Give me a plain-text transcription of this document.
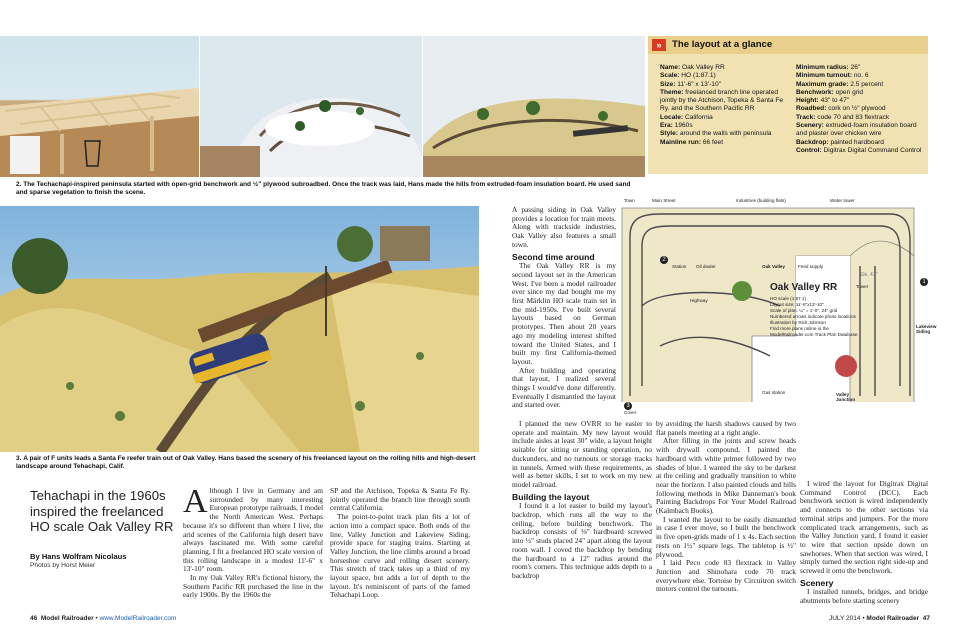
2. The Techachapi-inspired peninsula started with open-grid benchwork and ½" plywood subroadbed. Once the track was laid, Hans made the hills from extruded-foam insulation board. He used sand and sparse vegetation to finish the scene.
»	The layout at a glance
Name: Oak Valley RR
Scale: HO (1:87.1)
Size: 11'-6" x 13'-10"
Theme: freelanced branch line operated jointly by the Atchison, Topeka & Santa Fe Ry. and the Southern Pacific RR
Locale: California
Era: 1960s
Style: around the walls with peninsula
Mainline run: 66 feet
Minimum radius: 26"
Minimum turnout: no. 6
Maximum grade: 2.5 percent
Benchwork: open grid
Height: 43" to 47"
Roadbed: cork on ½" plywood
Track: code 70 and 83 flextrack
Scenery: extruded-foam insulation board and plaster over chicken wire
Backdrop: painted hardboard
Control: Digitrax Digital Command Control
3. A pair of F units leads a Santa Fe reefer train out of Oak Valley. Hans based the scenery of his freelanced layout on the rolling hills and high-desert landscape around Tehachapi, Calif.
Tehachapi in the 1960s inspired the freelanced HO scale Oak Valley RR
By Hans Wolfram Nicolaus
Photos by Horst Meier

Although I live in Germany and am surrounded by many interesting European prototype railroads, I model the North American West. Perhaps because it's so different than where I live, the arid scenes of the California high desert have always fascinated me. With some careful planning, I fit a freelanced HO scale version of this rolling landscape in a modest 11'-6" x 13'-10" room.

In my Oak Valley RR's fictional history, the Southern Pacific RR purchased the line in the early 1900s. By the 1960s the

SP and the Atchison, Topeka & Santa Fe Ry. jointly operated the branch line through south central California.

The point-to-point track plan fits a lot of action into a compact space. Both ends of the line, Valley Junction and Lakeview Siding, provide space for staging trains. Starting at Valley Junction, the line climbs around a broad horseshoe curve and rolling desert scenery. This stretch of track takes up a third of my layout space, but adds a lot of depth to the layout. It's reminiscent of parts of the famed Tehachapi Loop.

A passing siding in Oak Valley provides a location for train meets. Along with trackside industries, Oak Valley also features a small town.

Second time around

The Oak Valley RR is my second layout set in the American West. I've been a model railroader ever since my dad bought me my first Märklin HO scale train set in the mid-1950s. I've built several layouts based on German prototypes. Then about 20 years ago my modeling interest shifted toward the United States, and I built my first California-themed layout.

After building and operating that layout, I realized several things I would've done differently. Eventually I dismantled the layout and started over.

I planned the new OVRR to be easier to operate and maintain. My new layout would include aisles at least 30" wide, a layout height suitable for sitting or standing operation, no duckunders, and no turnouts or storage tracks in tunnels. Armed with these requirements, as well as better skills, I set to work on my new model railroad.

Building the layout

I found it a lot easier to build my layout's backdrop, which runs all the way to the ceiling, before building benchwork. The backdrop consists of ⅛" hardboard screwed into ½" studs placed 24" apart along the layout room wall. I coved the backdrop by bending the hardboard to a 12" radius around the room's corners. This technique adds depth to a backdrop

by avoiding the harsh shadows caused by two flat panels meeting at a right angle.

After filling in the joints and screw heads with drywall compound, I painted the hardboard with white primer followed by two shades of blue. I wanted the sky to be darkest at the ceiling and gradually transition to white near the horizon. I also painted clouds and hills following methods in Mike Danneman's book Painting Backdrops For Your Model Railroad (Kalmbach Books).

I wanted the layout to be easily dismantled in case I ever move, so I built the benchwork in five open-grids made of 1 x 4s. Each section rests on 1½" square legs. The tabletop is ½" plywood.

I laid Peco code 83 flextrack in Valley Junction and Shinohara code 70 track everywhere else. Tortoise by Circuitron switch motors control the turnouts.

I wired the layout for Digitrax Digital Command Control (DCC). Each benchwork section is wired independently and connects to the other sections via terminal strips and jumpers. For the more complicated track arrangements, such as the Valley Junction yard, I found it easier to wire that section upside down on sawhorses. When that section was wired, I simply turned the section right side-up and screwed it onto the benchwork.

Scenery

I installed tunnels, bridges, and bridge abutments before starting scenery

Ele. 47"
Town	Main Street	Industries (building flats)	Water tower
Station Oil dealer	Oak Valley	Feed supply
Tower
Oak Valley RR
HO scale (1:87.1)
Layout size: 11'-6"x13'-10"
Scale of plan: ¼" = 1'-0", 24" grid
Numbered arrows indicate photo locations
Illustration by Rick Johnson
Find more plans online in the
ModelRailroader.com Track Plan Database.
Highway
Gas station
Cover
Lakeview Siding
Valley Junction
1
2
3
46 Model Railroader • www.ModelRailroader.com	JULY 2014 • Model Railroader 47
